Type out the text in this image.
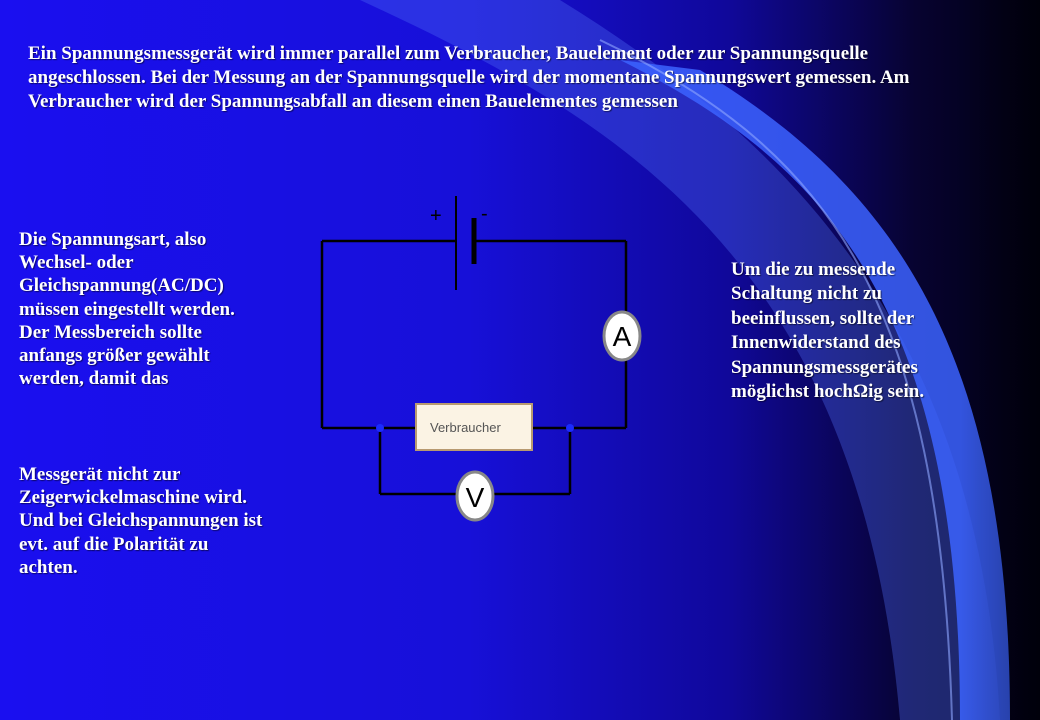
Ein Spannungsmessgerät wird immer parallel zum Verbraucher, Bauelement oder zur Spannungsquelle angeschlossen. Bei der Messung an der Spannungsquelle wird der momentane Spannungswert gemessen. Am Verbraucher wird der Spannungsabfall an diesem einen Bauelementes gemessen
Die Spannungsart, also Wechsel- oder Gleichspannung(AC/DC) müssen eingestellt werden. Der Messbereich sollte anfangs größer gewählt werden, damit das
Messgerät nicht zur Zeigerwickelmaschine wird. Und bei Gleichspannungen ist evt. auf die Polarität zu achten.
Um die zu messende Schaltung nicht zu beeinflussen, sollte der Innenwiderstand des Spannungsmessgerätes möglichst hochΩig sein.
+ -
A
Verbraucher
V
